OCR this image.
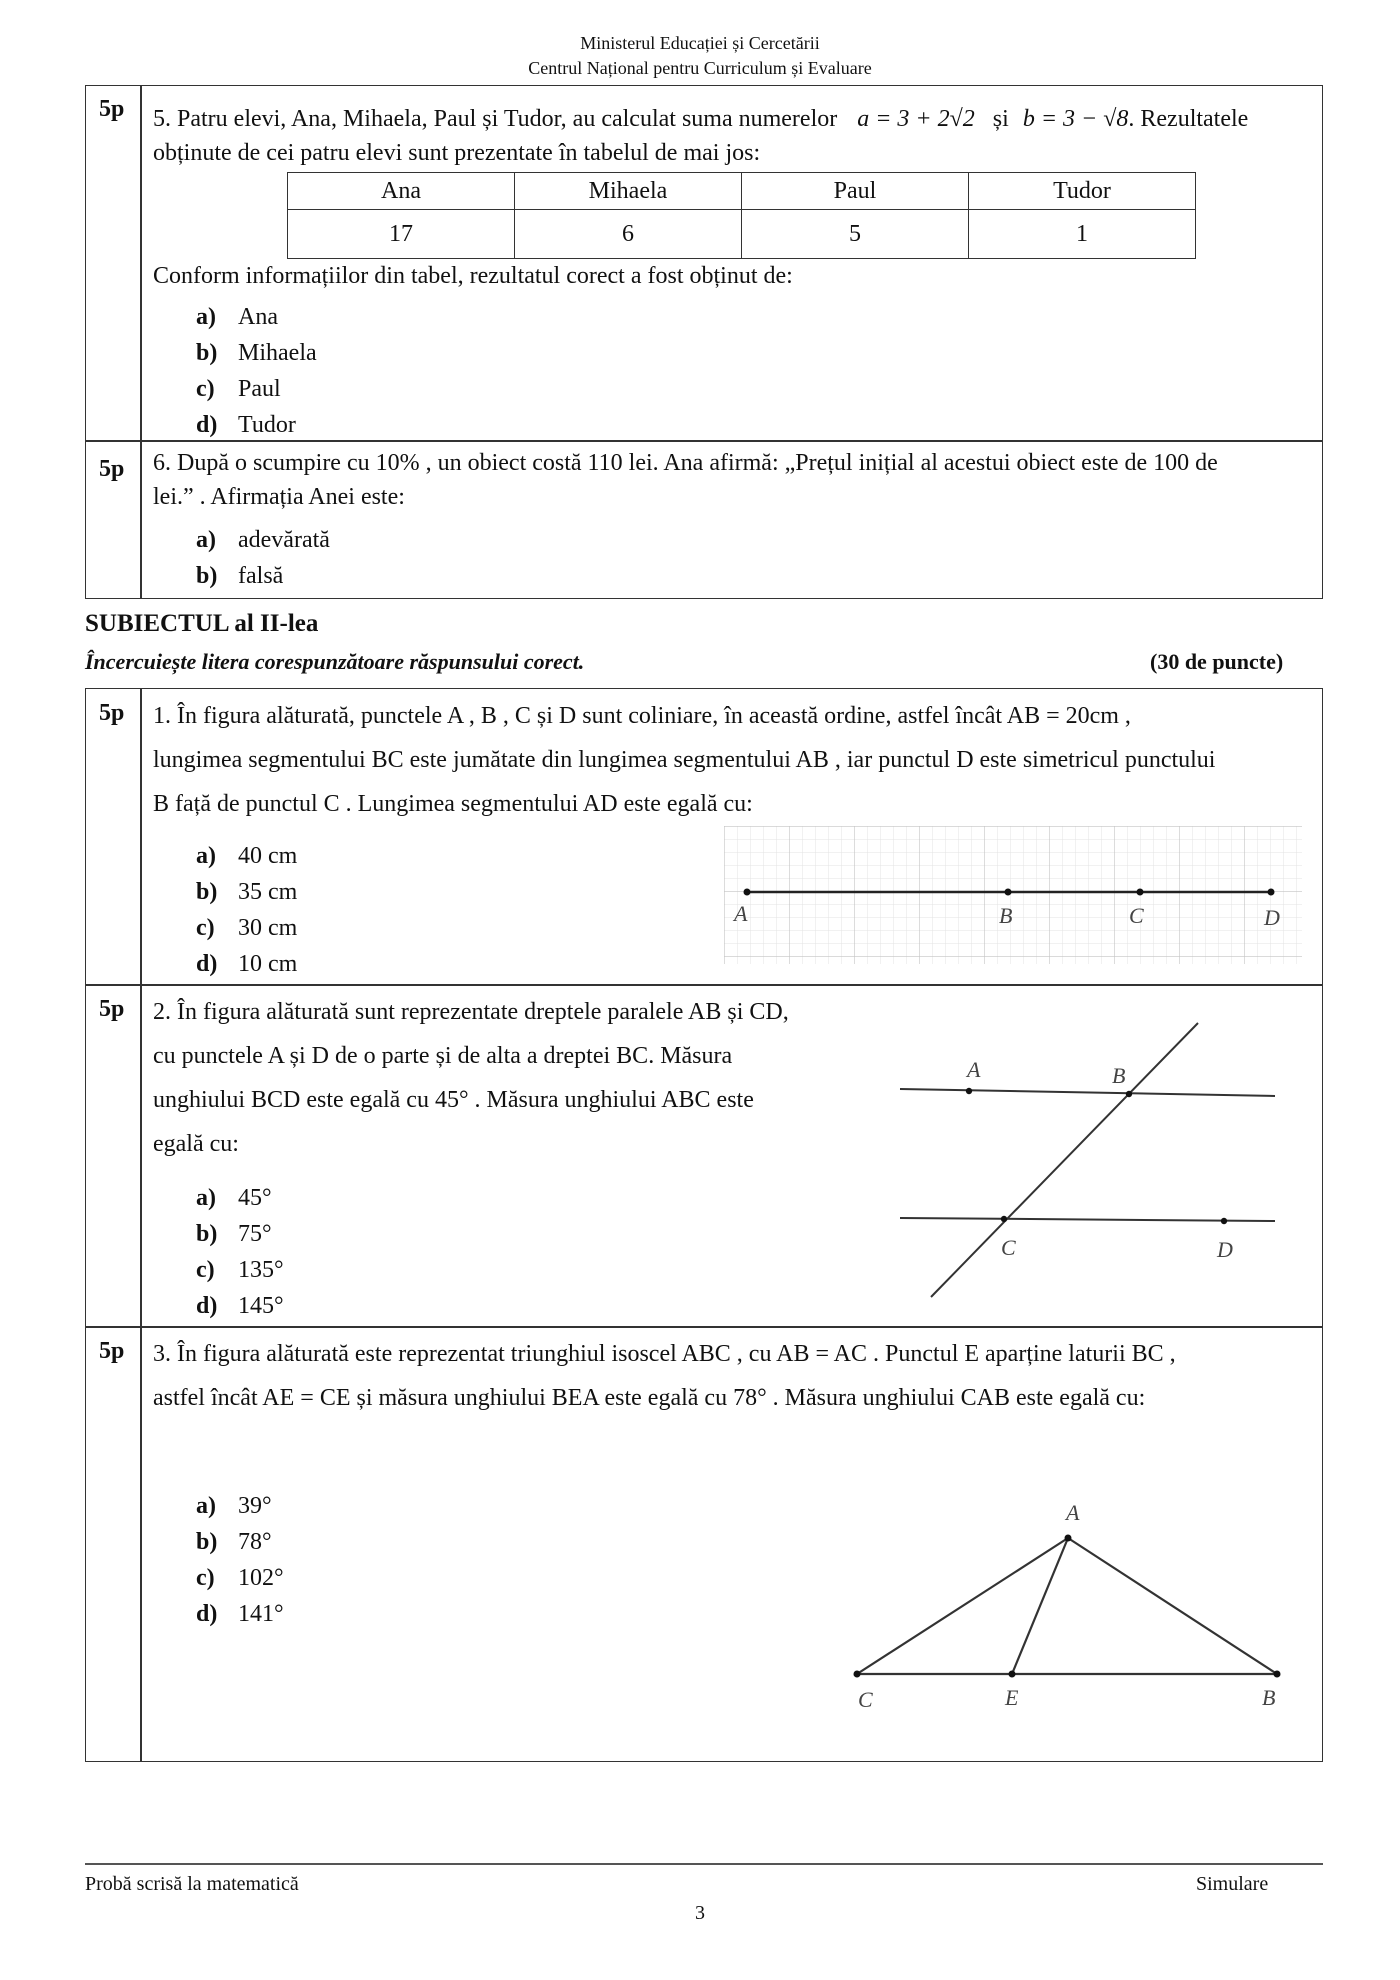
Ministerul Educației și Cercetării
Centrul Național pentru Curriculum și Evaluare
5p 5. Patru elevi, Ana, Mihaela, Paul și Tudor, au calculat suma numerelor a = 3 + 2√2 și b = 3 − √8. Rezultatele
obținute de cei patru elevi sunt prezentate în tabelul de mai jos:
Ana	Mihaela	Paul	Tudor
17	6	5	1
Conform informațiilor din tabel, rezultatul corect a fost obținut de:
a) Ana
b) Mihaela
c) Paul
d) Tudor
5p 6. După o scumpire cu 10% , un obiect costă 110 lei. Ana afirmă: „Prețul inițial al acestui obiect este de 100 de
lei.” . Afirmația Anei este:
a) adevărată
b) falsă
SUBIECTUL al II-lea
Încercuiește litera corespunzătoare răspunsului corect.	(30 de puncte)
5p 1. În figura alăturată, punctele A , B , C și D sunt coliniare, în această ordine, astfel încât AB = 20cm ,
lungimea segmentului BC este jumătate din lungimea segmentului AB , iar punctul D este simetricul punctului
B față de punctul C . Lungimea segmentului AD este egală cu:
a) 40 cm
b) 35 cm
c) 30 cm
d) 10 cm
A	B	C	D
5p 2. În figura alăturată sunt reprezentate dreptele paralele AB și CD,
cu punctele A și D de o parte și de alta a dreptei BC. Măsura
unghiului BCD este egală cu 45° . Măsura unghiului ABC este
egală cu:
a) 45°
b) 75°
c) 135°
d) 145°
A	B
C	D
5p 3. În figura alăturată este reprezentat triunghiul isoscel ABC , cu AB = AC . Punctul E aparține laturii BC ,
astfel încât AE = CE și măsura unghiului BEA este egală cu 78° . Măsura unghiului CAB este egală cu:
a) 39°
b) 78°
c) 102°
d) 141°
A
C	E	B
Probă scrisă la matematică	Simulare
3
